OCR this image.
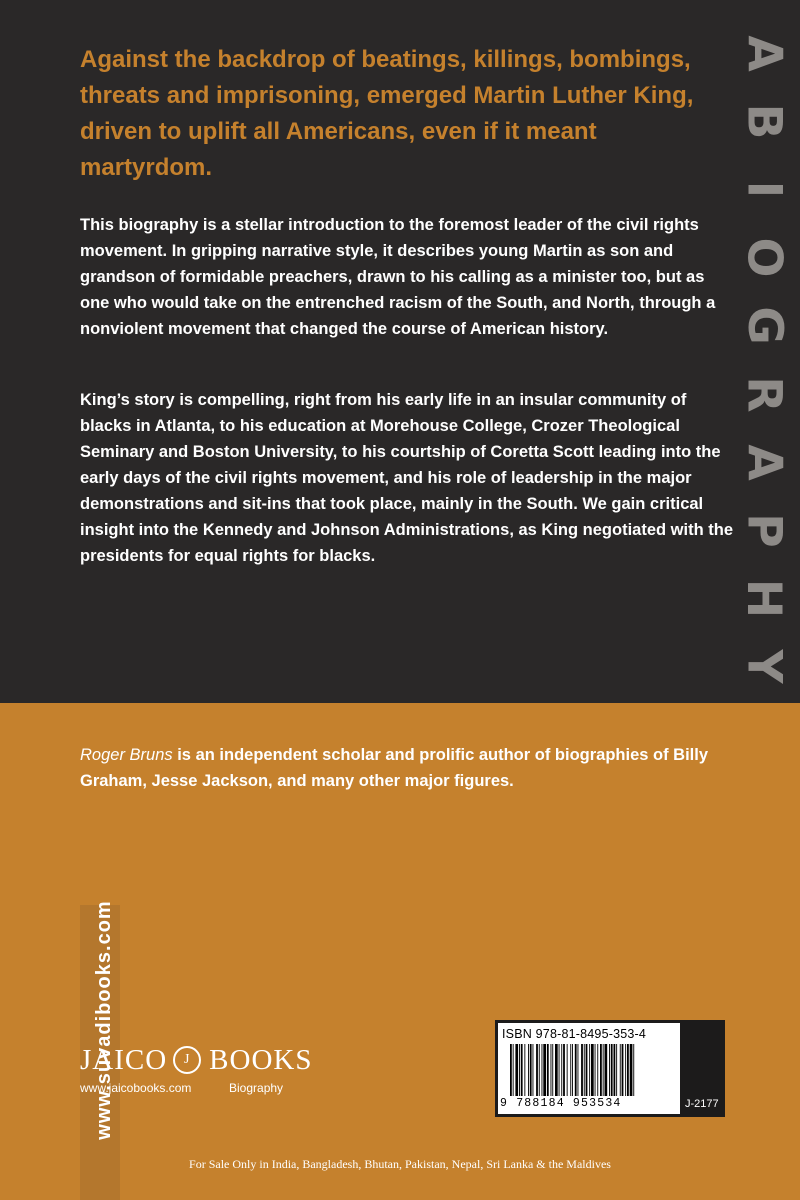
A
B
I
O
G
R
A
P
H
Y

Against the backdrop of beatings, killings, bombings, threats and imprisoning, emerged Martin Luther King, driven to uplift all Americans, even if it meant martyrdom.

This biography is a stellar introduction to the foremost leader of the civil rights movement. In gripping narrative style, it describes young Martin as son and grandson of formidable preachers, drawn to his calling as a minister too, but as one who would take on the entrenched racism of the South, and North, through a nonviolent movement that changed the course of American history.

King’s story is compelling, right from his early life in an insular community of blacks in Atlanta, to his education at Morehouse College, Crozer Theological Seminary and Boston University, to his courtship of Coretta Scott leading into the early days of the civil rights movement, and his role of leadership in the major demonstrations and sit-ins that took place, mainly in the South. We gain critical insight into the Kennedy and Johnson Administrations, as King negotiated with the presidents for equal rights for blacks.

Roger Bruns is an independent scholar and prolific author of biographies of Billy Graham, Jesse Jackson, and many other major figures.

www.suvadibooks.com
JAICO J BOOKS
www.jaicobooks.com	Biography
ISBN 978-81-8495-353-4
9 788184 953534	J-2177
For Sale Only in India, Bangladesh, Bhutan, Pakistan, Nepal, Sri Lanka & the Maldives
